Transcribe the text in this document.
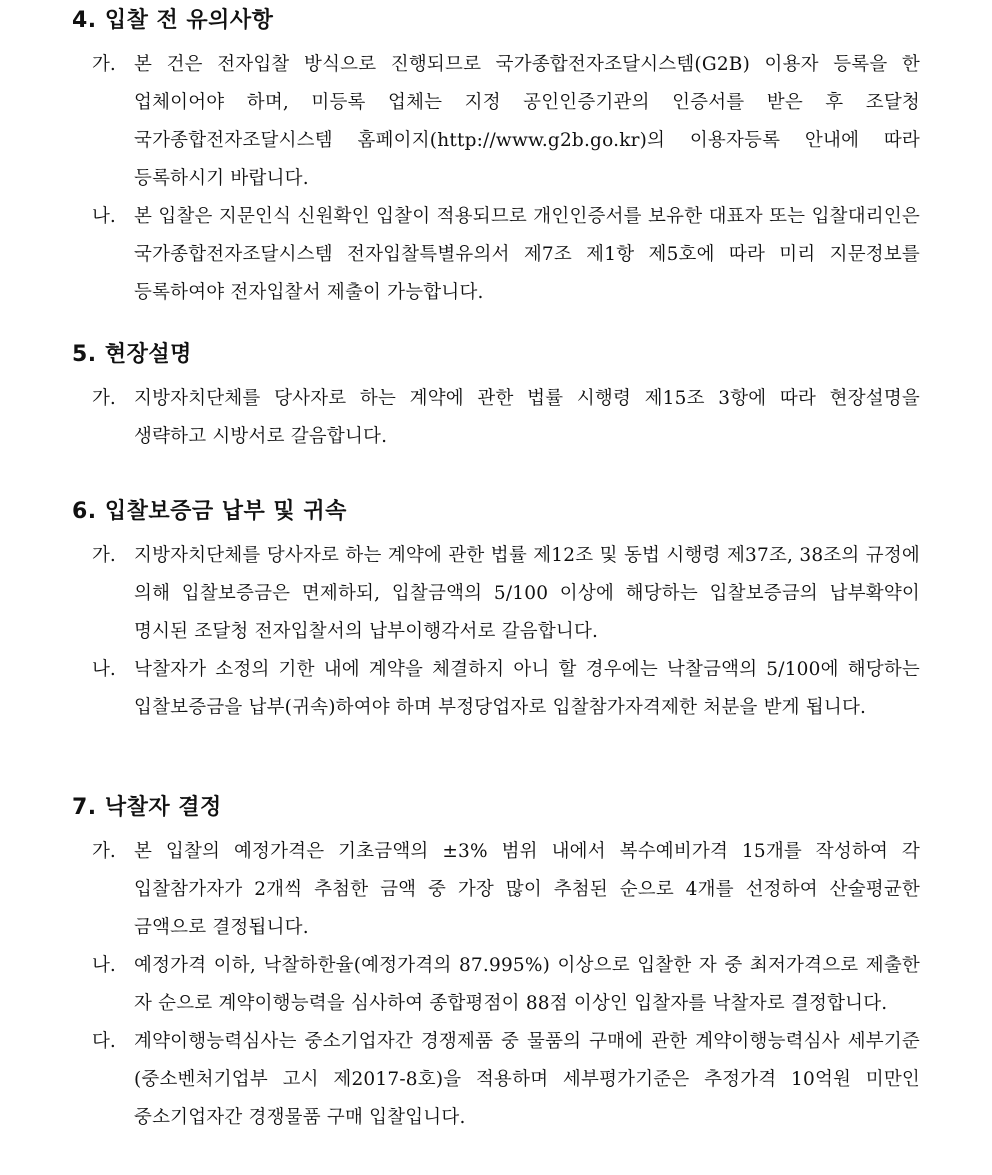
4. 입찰 전 유의사항
가. 본 건은 전자입찰 방식으로 진행되므로 국가종합전자조달시스템(G2B) 이용자 등록을 한 업체이어야 하며, 미등록 업체는 지정 공인인증기관의 인증서를 받은 후 조달청 국가종합전자조달시스템 홈페이지(http://www.g2b.go.kr)의 이용자등록 안내에 따라 등록하시기 바랍니다.
나. 본 입찰은 지문인식 신원확인 입찰이 적용되므로 개인인증서를 보유한 대표자 또는 입찰대리인은 국가종합전자조달시스템 전자입찰특별유의서 제7조 제1항 제5호에 따라 미리 지문정보를 등록하여야 전자입찰서 제출이 가능합니다.
5. 현장설명
가. 지방자치단체를 당사자로 하는 계약에 관한 법률 시행령 제15조 3항에 따라 현장설명을 생략하고 시방서로 갈음합니다.
6. 입찰보증금 납부 및 귀속
가. 지방자치단체를 당사자로 하는 계약에 관한 법률 제12조 및 동법 시행령 제37조, 38조의 규정에 의해 입찰보증금은 면제하되, 입찰금액의 5/100 이상에 해당하는 입찰보증금의 납부확약이 명시된 조달청 전자입찰서의 납부이행각서로 갈음합니다.
나. 낙찰자가 소정의 기한 내에 계약을 체결하지 아니 할 경우에는 낙찰금액의 5/100에 해당하는 입찰보증금을 납부(귀속)하여야 하며 부정당업자로 입찰참가자격제한 처분을 받게 됩니다.
7. 낙찰자 결정
가. 본 입찰의 예정가격은 기초금액의 ±3% 범위 내에서 복수예비가격 15개를 작성하여 각 입찰참가자가 2개씩 추첨한 금액 중 가장 많이 추첨된 순으로 4개를 선정하여 산술평균한 금액으로 결정됩니다.
나. 예정가격 이하, 낙찰하한율(예정가격의 87.995%) 이상으로 입찰한 자 중 최저가격으로 제출한 자 순으로 계약이행능력을 심사하여 종합평점이 88점 이상인 입찰자를 낙찰자로 결정합니다.
다. 계약이행능력심사는 중소기업자간 경쟁제품 중 물품의 구매에 관한 계약이행능력심사 세부기준(중소벤처기업부 고시 제2017-8호)을 적용하며 세부평가기준은 추정가격 10억원 미만인 중소기업자간 경쟁물품 구매 입찰입니다.
